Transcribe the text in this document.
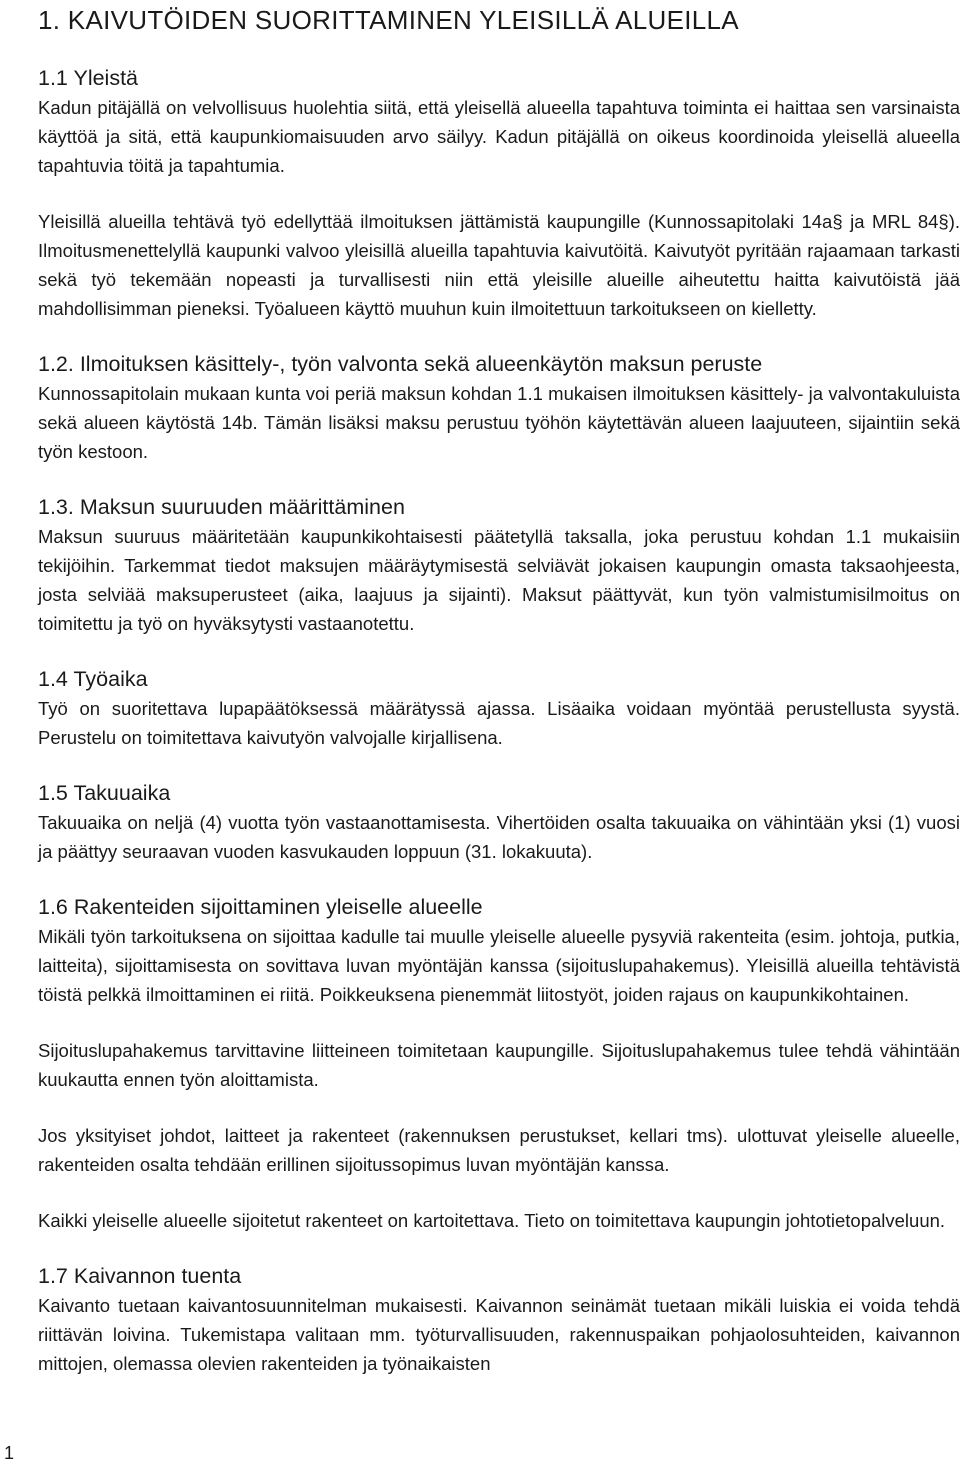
1. KAIVUTÖIDEN SUORITTAMINEN YLEISILLÄ ALUEILLA
1.1 Yleistä

Kadun pitäjällä on velvollisuus huolehtia siitä, että yleisellä alueella tapahtuva toiminta ei haittaa sen varsinaista käyttöä ja sitä, että kaupunkiomaisuuden arvo säilyy. Kadun pitäjällä on oikeus koordinoida yleisellä alueella tapahtuvia töitä ja tapahtumia.

Yleisillä alueilla tehtävä työ edellyttää ilmoituksen jättämistä kaupungille (Kunnossapitolaki 14a§ ja MRL 84§). Ilmoitusmenettelyllä kaupunki valvoo yleisillä alueilla tapahtuvia kaivutöitä. Kaivutyöt pyritään rajaamaan tarkasti sekä työ tekemään nopeasti ja turvallisesti niin että yleisille alueille aiheutettu haitta kaivutöistä jää mahdollisimman pieneksi. Työalueen käyttö muuhun kuin ilmoitettuun tarkoitukseen on kielletty.

1.2. Ilmoituksen käsittely-, työn valvonta sekä alueenkäytön maksun peruste

Kunnossapitolain mukaan kunta voi periä maksun kohdan 1.1 mukaisen ilmoituksen käsittely- ja valvontakuluista sekä alueen käytöstä 14b. Tämän lisäksi maksu perustuu työhön käytettävän alueen laajuuteen, sijaintiin sekä työn kestoon.

1.3. Maksun suuruuden määrittäminen

Maksun suuruus määritetään kaupunkikohtaisesti päätetyllä taksalla, joka perustuu kohdan 1.1 mukaisiin tekijöihin. Tarkemmat tiedot maksujen määräytymisestä selviävät jokaisen kaupungin omasta taksaohjeesta, josta selviää maksuperusteet (aika, laajuus ja sijainti). Maksut päättyvät, kun työn valmistumisilmoitus on toimitettu ja työ on hyväksytysti vastaanotettu.

1.4 Työaika

Työ on suoritettava lupapäätöksessä määrätyssä ajassa. Lisäaika voidaan myöntää perustellusta syystä. Perustelu on toimitettava kaivutyön valvojalle kirjallisena.

1.5 Takuuaika

Takuuaika on neljä (4) vuotta työn vastaanottamisesta. Vihertöiden osalta takuuaika on vähintään yksi (1) vuosi ja päättyy seuraavan vuoden kasvukauden loppuun (31. lokakuuta).

1.6 Rakenteiden sijoittaminen yleiselle alueelle

Mikäli työn tarkoituksena on sijoittaa kadulle tai muulle yleiselle alueelle pysyviä rakenteita (esim. johtoja, putkia, laitteita), sijoittamisesta on sovittava luvan myöntäjän kanssa (sijoituslupahakemus). Yleisillä alueilla tehtävistä töistä pelkkä ilmoittaminen ei riitä. Poikkeuksena pienemmät liitostyöt, joiden rajaus on kaupunkikohtainen.

Sijoituslupahakemus tarvittavine liitteineen toimitetaan kaupungille. Sijoituslupahakemus tulee tehdä vähintään kuukautta ennen työn aloittamista.

Jos yksityiset johdot, laitteet ja rakenteet (rakennuksen perustukset, kellari tms). ulottuvat yleiselle alueelle, rakenteiden osalta tehdään erillinen sijoitussopimus luvan myöntäjän kanssa.

Kaikki yleiselle alueelle sijoitetut rakenteet on kartoitettava. Tieto on toimitettava kaupungin johtotietopalveluun.

1.7 Kaivannon tuenta

Kaivanto tuetaan kaivantosuunnitelman mukaisesti. Kaivannon seinämät tuetaan mikäli luiskia ei voida tehdä riittävän loivina. Tukemistapa valitaan mm. työturvallisuuden, rakennuspaikan pohjaolosuhteiden, kaivannon mittojen, olemassa olevien rakenteiden ja työnaikaisten

1
